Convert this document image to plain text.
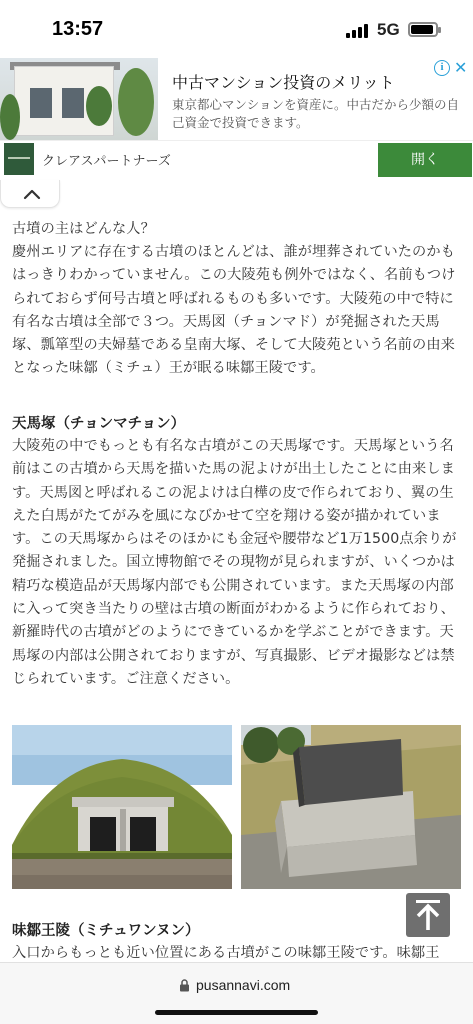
13:57	5G
中古マンション投資のメリット
東京都心マンションを資産に。中古だから少額の自己資金で投資できます。
i ✕
クレアスパートナーズ	開く
古墳の主はどんな人？
慶州エリアに存在する古墳のほとんどは、誰が埋葬されていたのかもはっきりわかっていません。この大陵苑も例外ではなく、名前もつけられておらず何号古墳と呼ばれるものも多いです。大陵苑の中で特に有名な古墳は全部で３つ。天馬図（チョンマド）が発掘された天馬塚、瓢箪型の夫婦墓である皇南大塚、そして大陵苑という名前の由来となった味鄒（ミチュ）王が眠る味鄒王陵です。
天馬塚（チョンマチョン）
大陵苑の中でもっとも有名な古墳がこの天馬塚です。天馬塚という名前はこの古墳から天馬を描いた馬の泥よけが出土したことに由来します。天馬図と呼ばれるこの泥よけは白樺の皮で作られており、翼の生えた白馬がたてがみを風になびかせて空を翔ける姿が描かれています。この天馬塚からはそのほかにも金冠や腰帯など1万1500点余りが発掘されました。国立博物館でその現物が見られますが、いくつかは精巧な模造品が天馬塚内部でも公開されています。また天馬塚の内部に入って突き当たりの壁は古墳の断面がわかるように作られており、新羅時代の古墳がどのようにできているかを学ぶことができます。天馬塚の内部は公開されておりますが、写真撮影、ビデオ撮影などは禁じられています。ご注意ください。
味鄒王陵（ミチュワンヌン）
入口からもっとも近い位置にある古墳がこの味鄒王陵です。味鄒王
pusannavi.com
